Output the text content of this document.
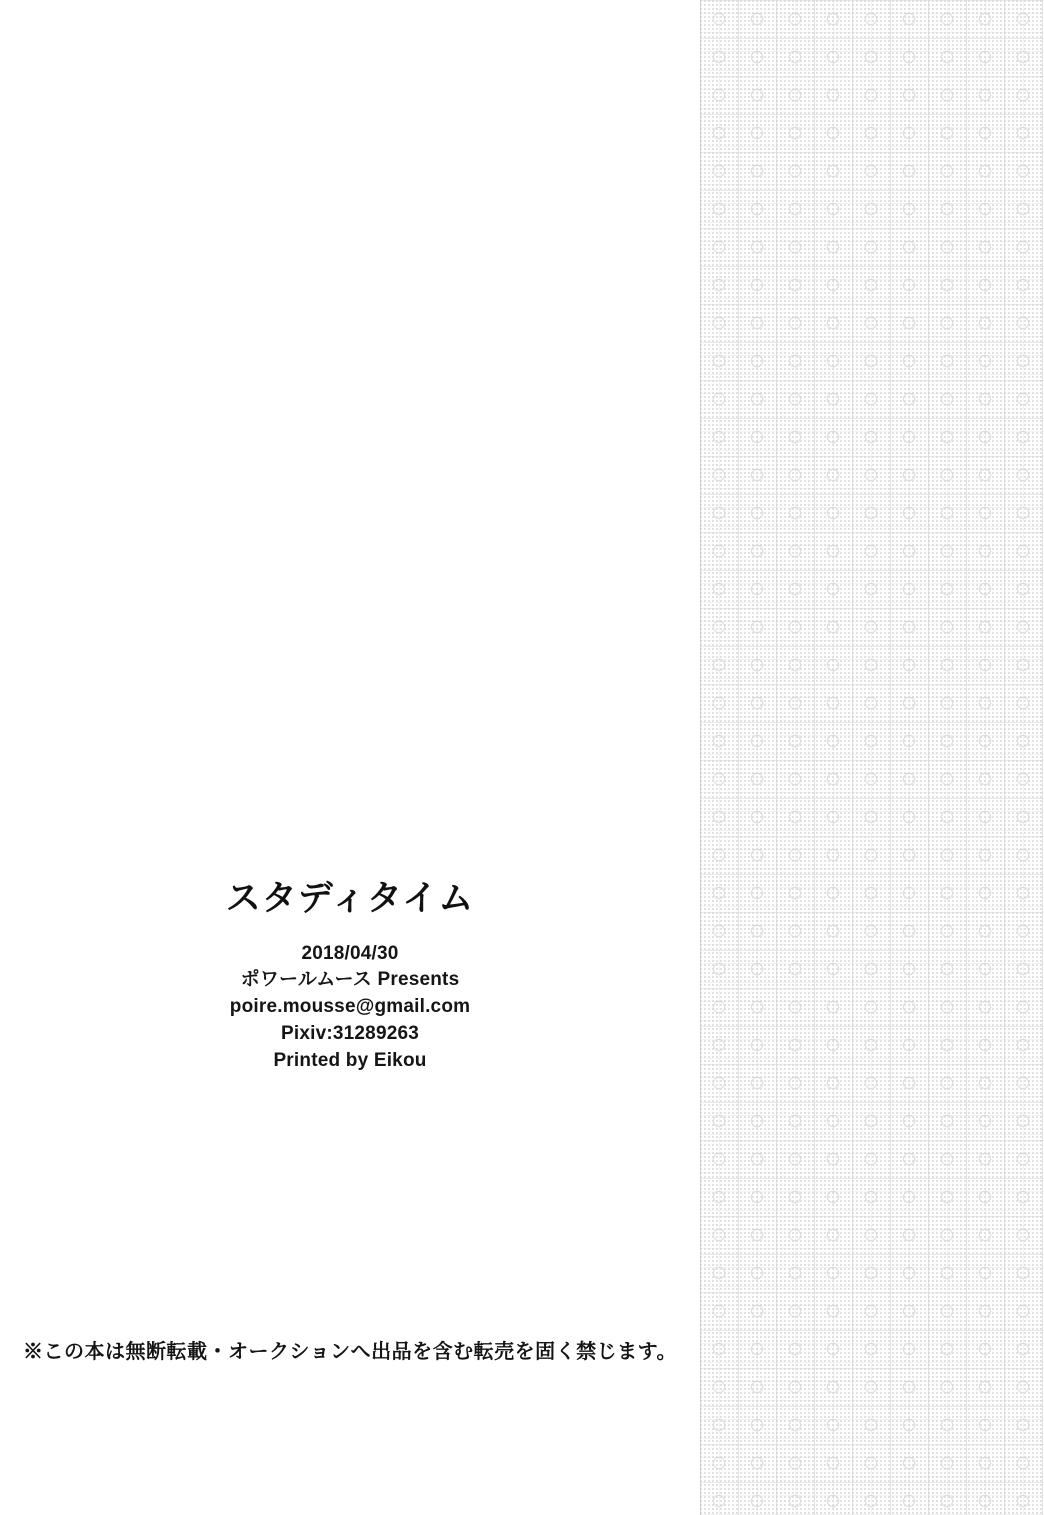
スタディタイム
2018/04/30
ポワールムース Presents
poire.mousse@gmail.com
Pixiv:31289263
Printed by Eikou
※この本は無断転載・オークションへ出品を含む転売を固く禁じます。
